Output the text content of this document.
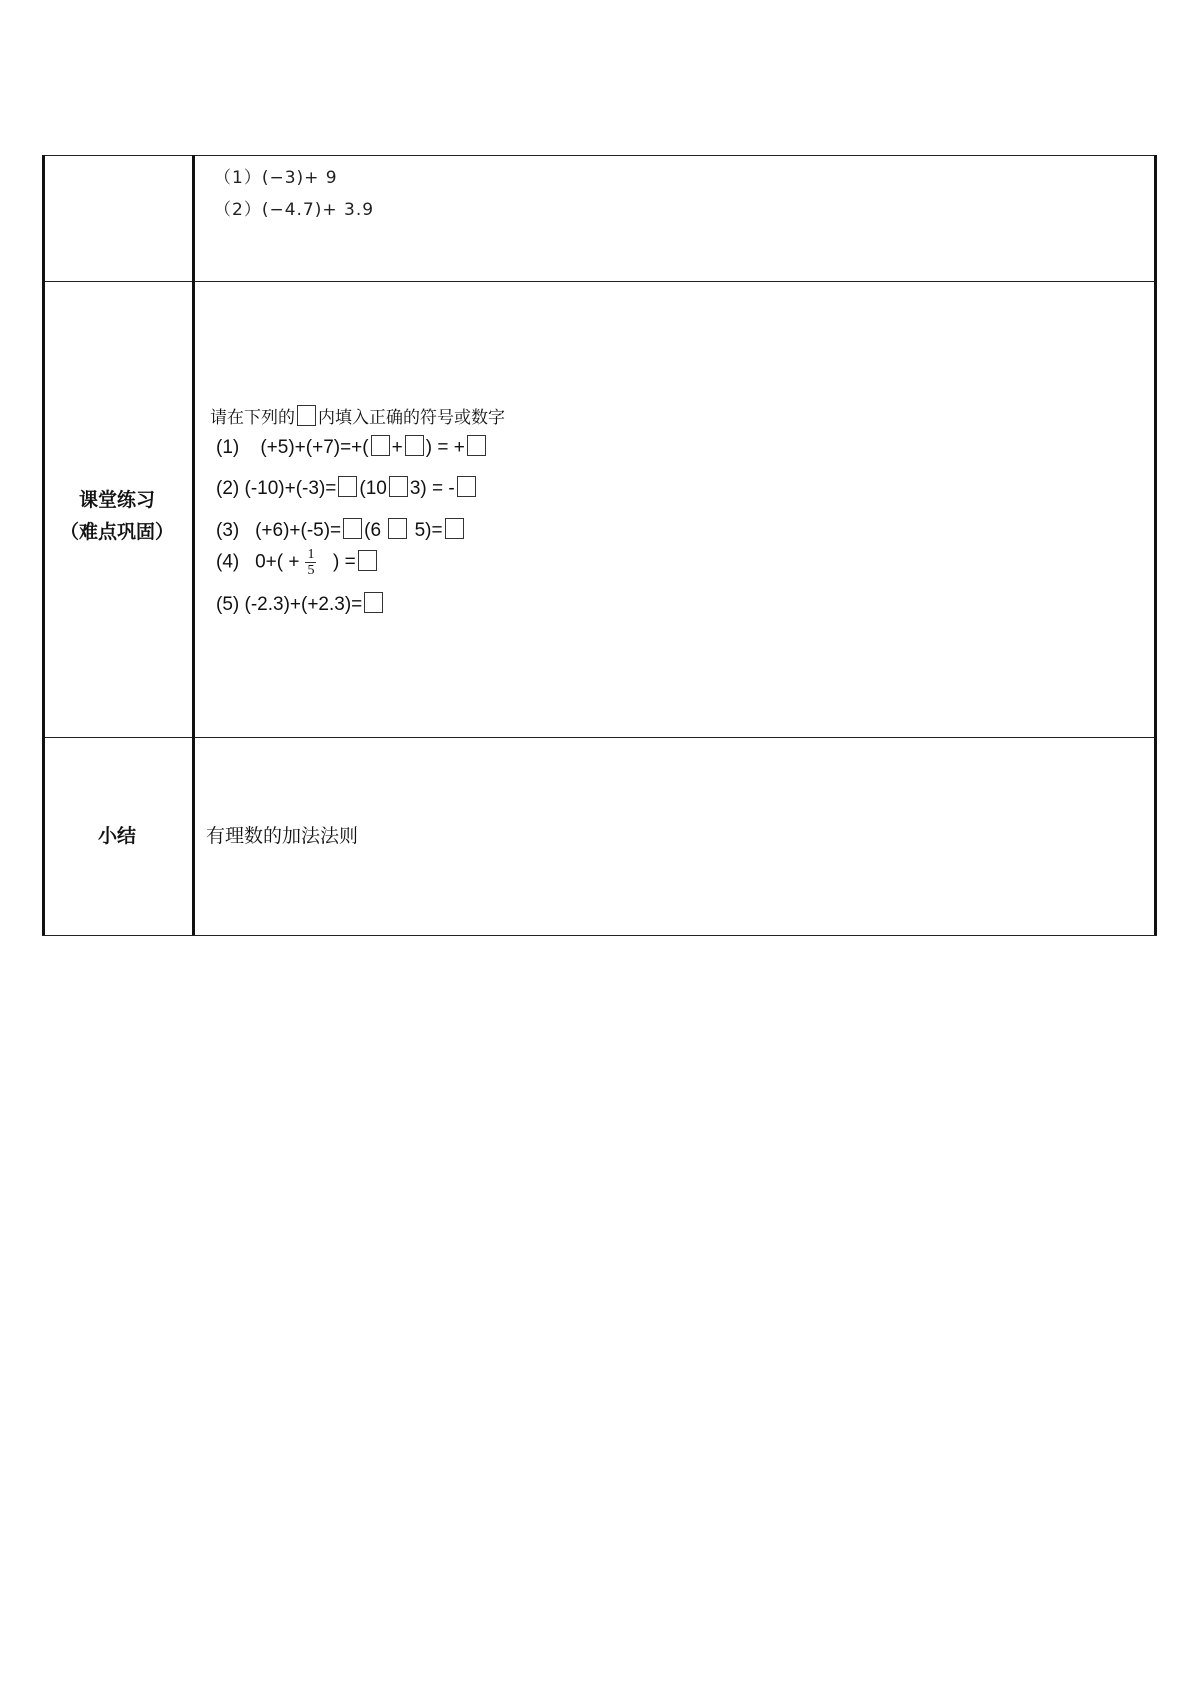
（1）(−3)+ 9
（2）(−4.7)+ 3.9
课堂练习
（难点巩固）
请在下列的 内填入正确的符号或数字
(1) (+5)+(+7)=+( + ) = +
(2) (-10)+(-3)= (10 3) = -
(3) (+6)+(-5)= (6 5)=
(4) $0+( + \frac{1}{5}$ ) =
(5) (-2.3)+(+2.3)=
小结	有理数的加法法则
